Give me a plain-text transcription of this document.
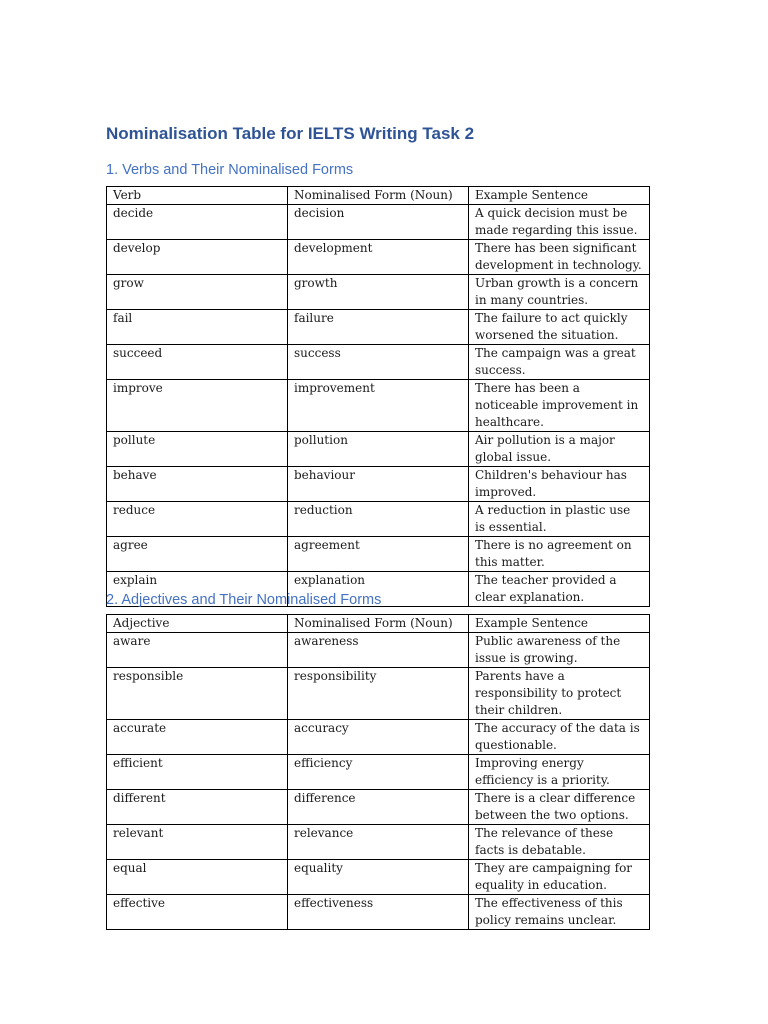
Nominalisation Table for IELTS Writing Task 2
1. Verbs and Their Nominalised Forms
Verb	Nominalised Form (Noun)	Example Sentence
decide	decision	A quick decision must be made regarding this issue.
develop	development	There has been significant development in technology.
grow	growth	Urban growth is a concern in many countries.
fail	failure	The failure to act quickly worsened the situation.
succeed	success	The campaign was a great success.
improve	improvement	There has been a noticeable improvement in healthcare.
pollute	pollution	Air pollution is a major global issue.
behave	behaviour	Children's behaviour has improved.
reduce	reduction	A reduction in plastic use is essential.
agree	agreement	There is no agreement on this matter.
explain	explanation	The teacher provided a clear explanation.
2. Adjectives and Their Nominalised Forms
Adjective	Nominalised Form (Noun)	Example Sentence
aware	awareness	Public awareness of the issue is growing.
responsible	responsibility	Parents have a responsibility to protect their children.
accurate	accuracy	The accuracy of the data is questionable.
efficient	efficiency	Improving energy efficiency is a priority.
different	difference	There is a clear difference between the two options.
relevant	relevance	The relevance of these facts is debatable.
equal	equality	They are campaigning for equality in education.
effective	effectiveness	The effectiveness of this policy remains unclear.
